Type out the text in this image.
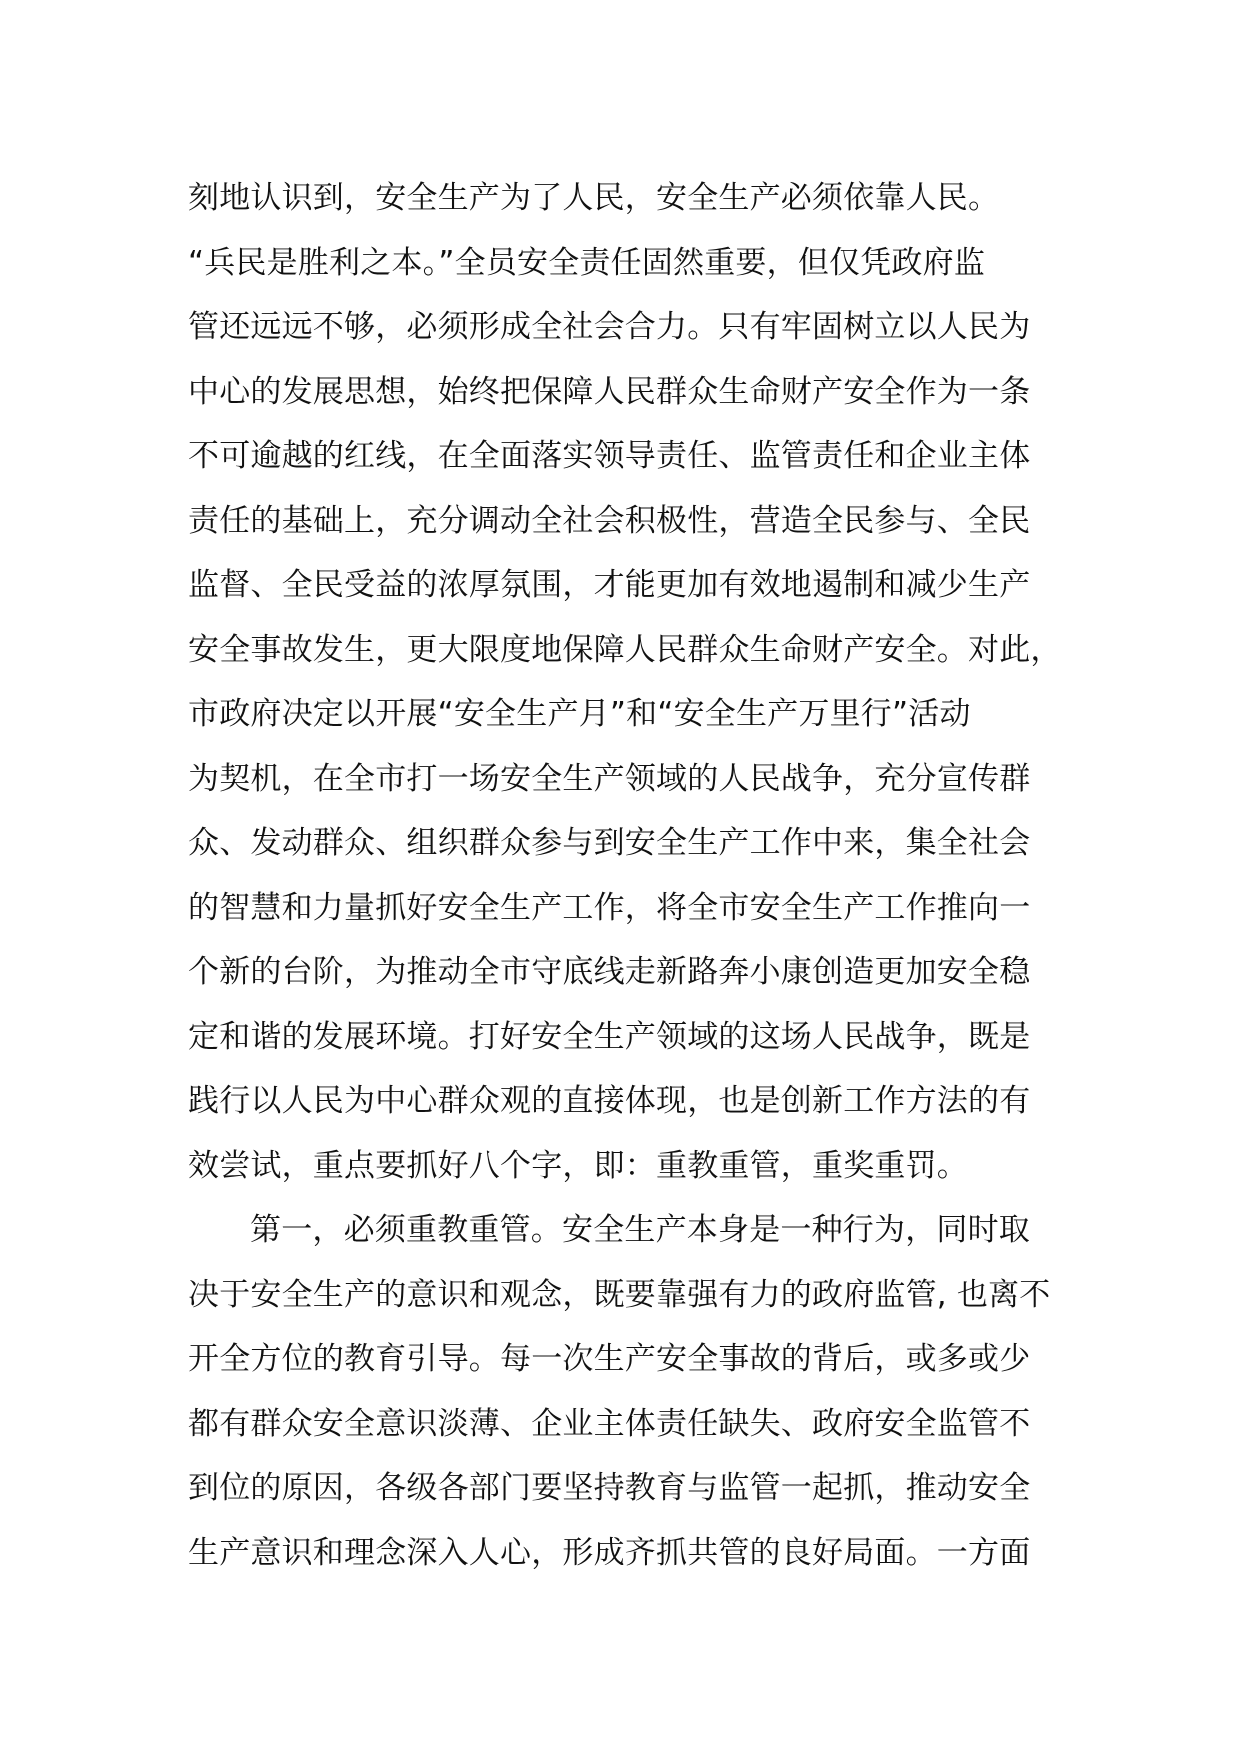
刻地认识到，安全生产为了人民，安全生产必须依靠人民。
“兵民是胜利之本。”全员安全责任固然重要，但仅凭政府监
管还远远不够，必须形成全社会合力。只有牢固树立以人民为
中心的发展思想，始终把保障人民群众生命财产安全作为一条
不可逾越的红线，在全面落实领导责任、监管责任和企业主体
责任的基础上，充分调动全社会积极性，营造全民参与、全民
监督、全民受益的浓厚氛围，才能更加有效地遏制和减少生产
安全事故发生，更大限度地保障人民群众生命财产安全。对此，
市政府决定以开展“安全生产月”和“安全生产万里行”活动
为契机，在全市打一场安全生产领域的人民战争，充分宣传群
众、发动群众、组织群众参与到安全生产工作中来，集全社会
的智慧和力量抓好安全生产工作，将全市安全生产工作推向一
个新的台阶，为推动全市守底线走新路奔小康创造更加安全稳
定和谐的发展环境。打好安全生产领域的这场人民战争，既是
践行以人民为中心群众观的直接体现，也是创新工作方法的有
效尝试，重点要抓好八个字，即：重教重管，重奖重罚。
第一，必须重教重管。安全生产本身是一种行为，同时取
决于安全生产的意识和观念，既要靠强有力的政府监管, 也离不
开全方位的教育引导。每一次生产安全事故的背后，或多或少
都有群众安全意识淡薄、企业主体责任缺失、政府安全监管不
到位的原因，各级各部门要坚持教育与监管一起抓，推动安全
生产意识和理念深入人心，形成齐抓共管的良好局面。一方面
